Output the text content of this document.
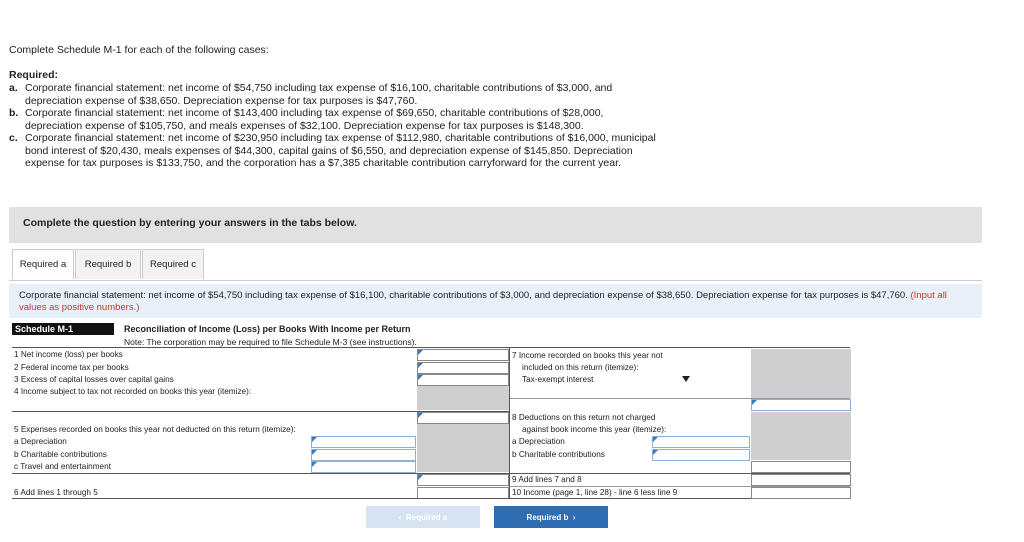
Complete Schedule M-1 for each of the following cases:
Required:
a. Corporate financial statement: net income of $54,750 including tax expense of $16,100, charitable contributions of $3,000, and depreciation expense of $38,650. Depreciation expense for tax purposes is $47,760.
b. Corporate financial statement: net income of $143,400 including tax expense of $69,650, charitable contributions of $28,000, depreciation expense of $105,750, and meals expenses of $32,100. Depreciation expense for tax purposes is $148,300.
c. Corporate financial statement: net income of $230,950 including tax expense of $112,980, charitable contributions of $16,000, municipal bond interest of $20,430, meals expenses of $44,300, capital gains of $6,550, and depreciation expense of $145,850. Depreciation expense for tax purposes is $133,750, and the corporation has a $7,385 charitable contribution carryforward for the current year.
Complete the question by entering your answers in the tabs below.
Required a	Required b	Required c
Corporate financial statement: net income of $54,750 including tax expense of $16,100, charitable contributions of $3,000, and depreciation expense of $38,650. Depreciation expense for tax purposes is $47,760. (Input all values as positive numbers.)
Schedule M-1	Reconciliation of Income (Loss) per Books With Income per Return
Note: The corporation may be required to file Schedule M-3 (see instructions).
1 Net income (loss) per books
2 Federal income tax per books
3 Excess of capital losses over capital gains
4 Income subject to tax not recorded on books this year (itemize):
5 Expenses recorded on books this year not deducted on this return (itemize):
a Depreciation
b Charitable contributions
c Travel and entertainment
6 Add lines 1 through 5
7 Income recorded on books this year not
included on this return (itemize):
Tax-exempt interest
8 Deductions on this return not charged
against book income this year (itemize):
a Depreciation
b Charitable contributions
9 Add lines 7 and 8
10 Income (page 1, line 28) - line 6 less line 9
‹ Required a	Required b ›
